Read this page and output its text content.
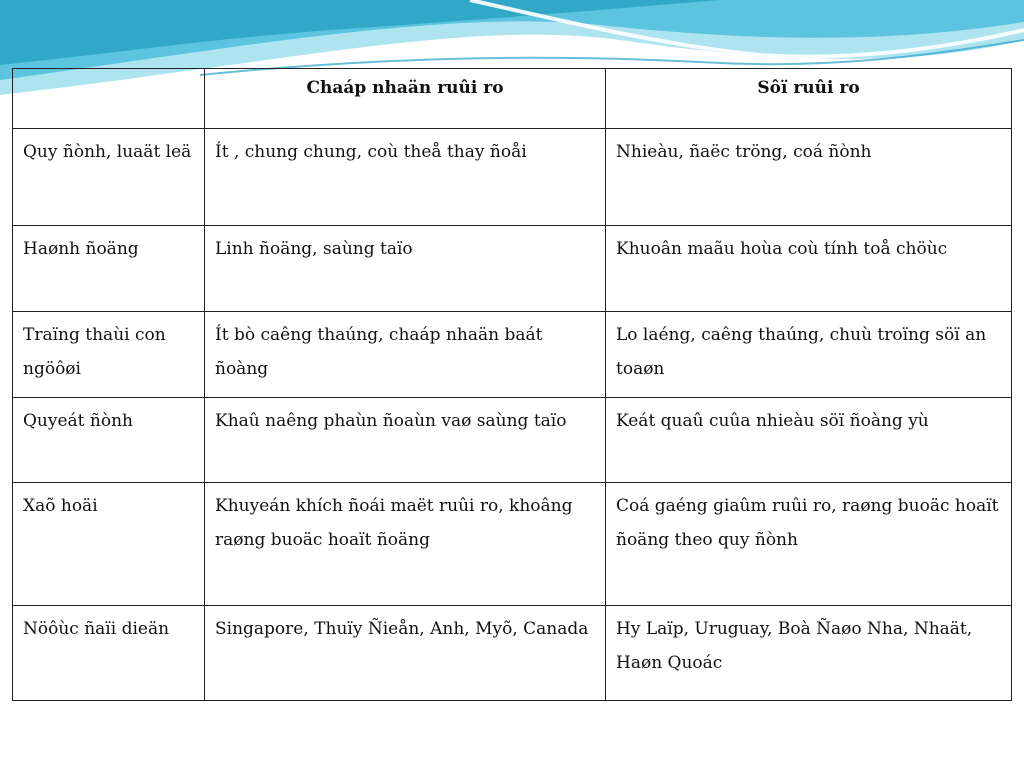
	Chaáp nhaän ruûi ro	Sôï ruûi ro
Quy ñònh, luaät leä	Ít , chung chung, coù theå thay ñoåi	Nhieàu, ñaëc tröng, coá ñònh
Haønh ñoäng	Linh ñoäng, saùng taïo	Khuoân maãu hoùa coù tính toå chöùc
Traïng thaùi con ngöôøi	Ít bò caêng thaúng, chaáp nhaän baát ñoàng	Lo laéng, caêng thaúng, chuù troïng söï an toaøn
Quyeát ñònh	Khaû naêng phaùn ñoaùn vaø saùng taïo	Keát quaû cuûa nhieàu söï ñoàng yù
Xaõ hoäi	Khuyeán khích ñoái maët ruûi ro, khoâng raøng buoäc hoaït ñoäng	Coá gaéng giaûm ruûi ro, raøng buoäc hoaït ñoäng theo quy ñònh
Nöôùc ñaïi dieän	Singapore, Thuïy Ñieån, Anh, Myõ, Canada	Hy Laïp, Uruguay, Boà Ñaøo Nha, Nhaät, Haøn Quoác
